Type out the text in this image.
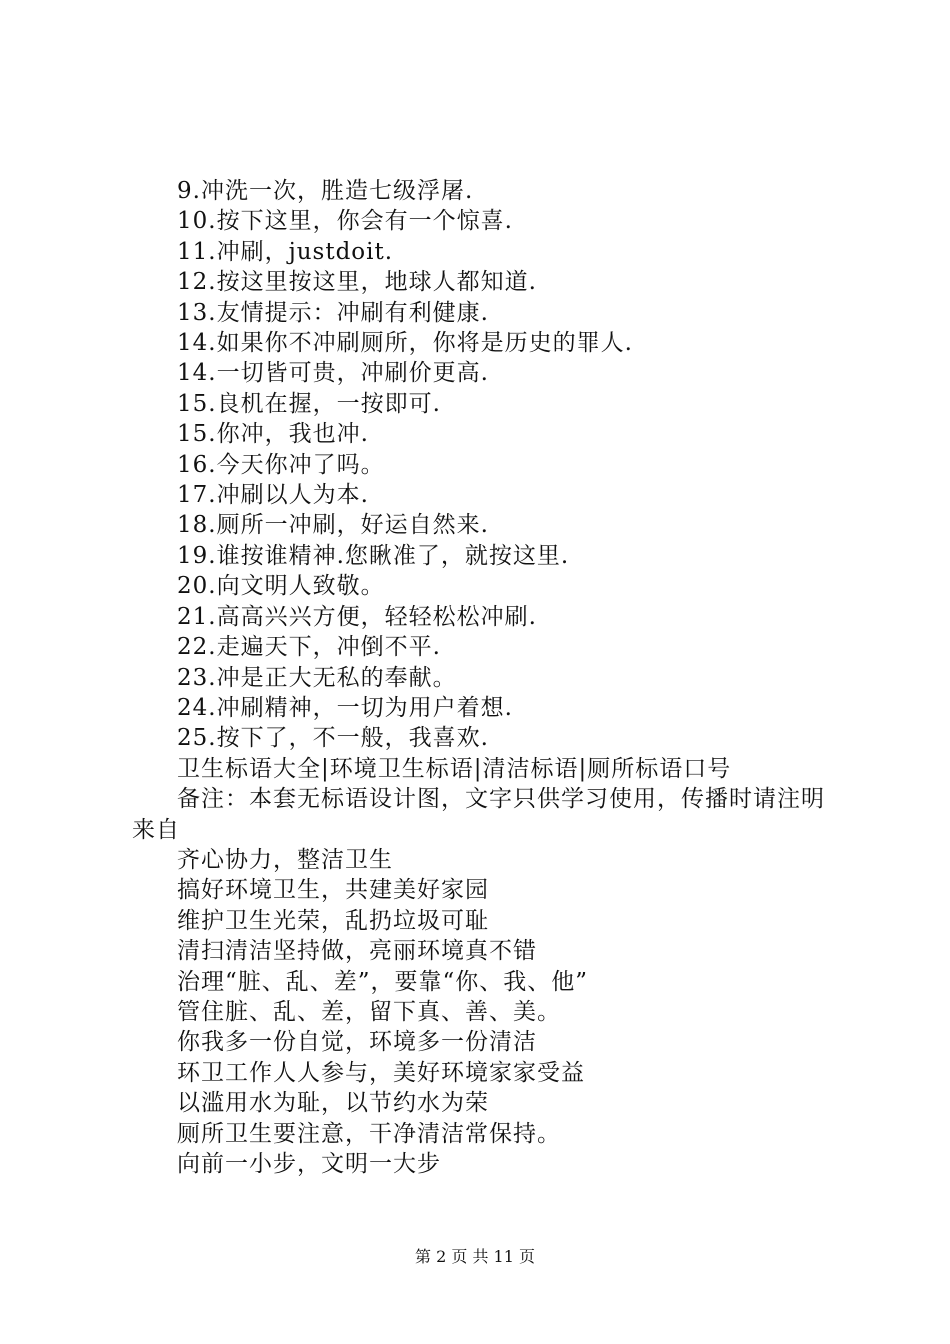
9.冲洗一次，胜造七级浮屠.
10.按下这里，你会有一个惊喜.
11.冲刷，justdoit.
12.按这里按这里，地球人都知道.
13.友情提示：冲刷有利健康.
14.如果你不冲刷厕所，你将是历史的罪人.
14.一切皆可贵，冲刷价更高.
15.良机在握，一按即可.
15.你冲，我也冲.
16.今天你冲了吗。
17.冲刷以人为本.
18.厕所一冲刷，好运自然来.
19.谁按谁精神.您瞅准了，就按这里.
20.向文明人致敬。
21.高高兴兴方便，轻轻松松冲刷.
22.走遍天下，冲倒不平.
23.冲是正大无私的奉献。
24.冲刷精神，一切为用户着想.
25.按下了，不一般，我喜欢.
卫生标语大全|环境卫生标语|清洁标语|厕所标语口号
备注：本套无标语设计图，文字只供学习使用，传播时请注明来自
齐心协力，整洁卫生
搞好环境卫生，共建美好家园
维护卫生光荣，乱扔垃圾可耻
清扫清洁坚持做，亮丽环境真不错
治理“脏、乱、差”，要靠“你、我、他”
管住脏、乱、差，留下真、善、美。
你我多一份自觉，环境多一份清洁
环卫工作人人参与，美好环境家家受益
以滥用水为耻，以节约水为荣
厕所卫生要注意，干净清洁常保持。
向前一小步，文明一大步
第 2 页 共 11 页
